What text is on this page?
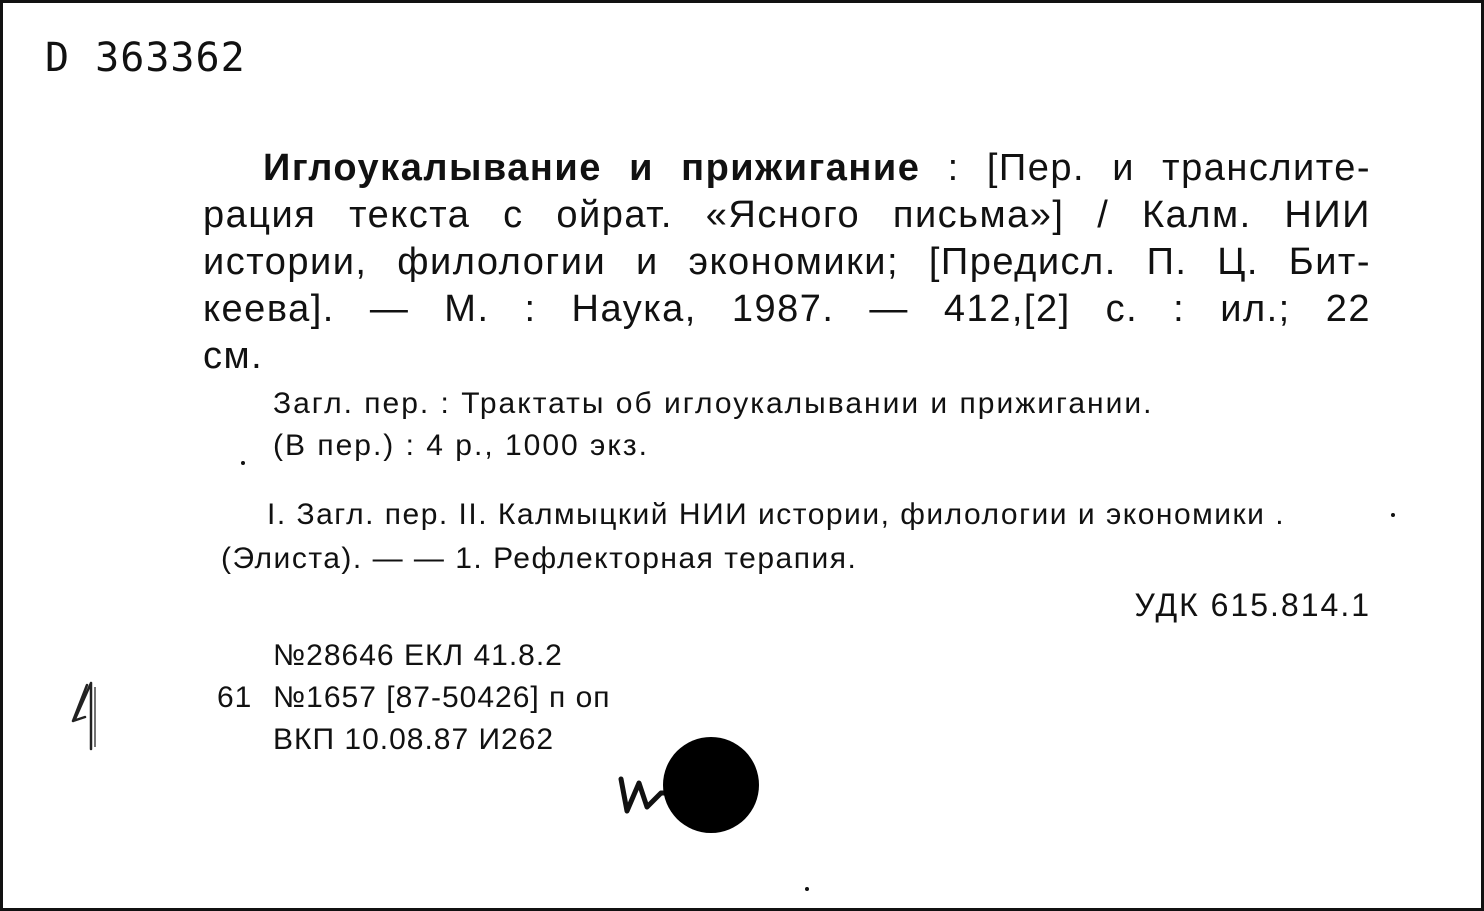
D 363362
Иглоукалывание и прижигание : [Пер. и транслите-
рация текста с ойрат. «Ясного письма»] / Калм. НИИ
истории, филологии и экономики; [Предисл. П. Ц. Бит-
кеева]. — М. : Наука, 1987. — 412,[2] с. : ил.; 22
см.
Загл. пер. : Трактаты об иглоукалывании и прижигании.
(В пер.) : 4 р., 1000 экз.
I. Загл. пер. II. Калмыцкий НИИ истории, филологии и экономики .
(Элиста). — — 1. Рефлекторная терапия.
УДК 615.814.1
№28646 ЕКЛ 41.8.2
61 №1657 [87-50426] п оп
ВКП 10.08.87 И262
